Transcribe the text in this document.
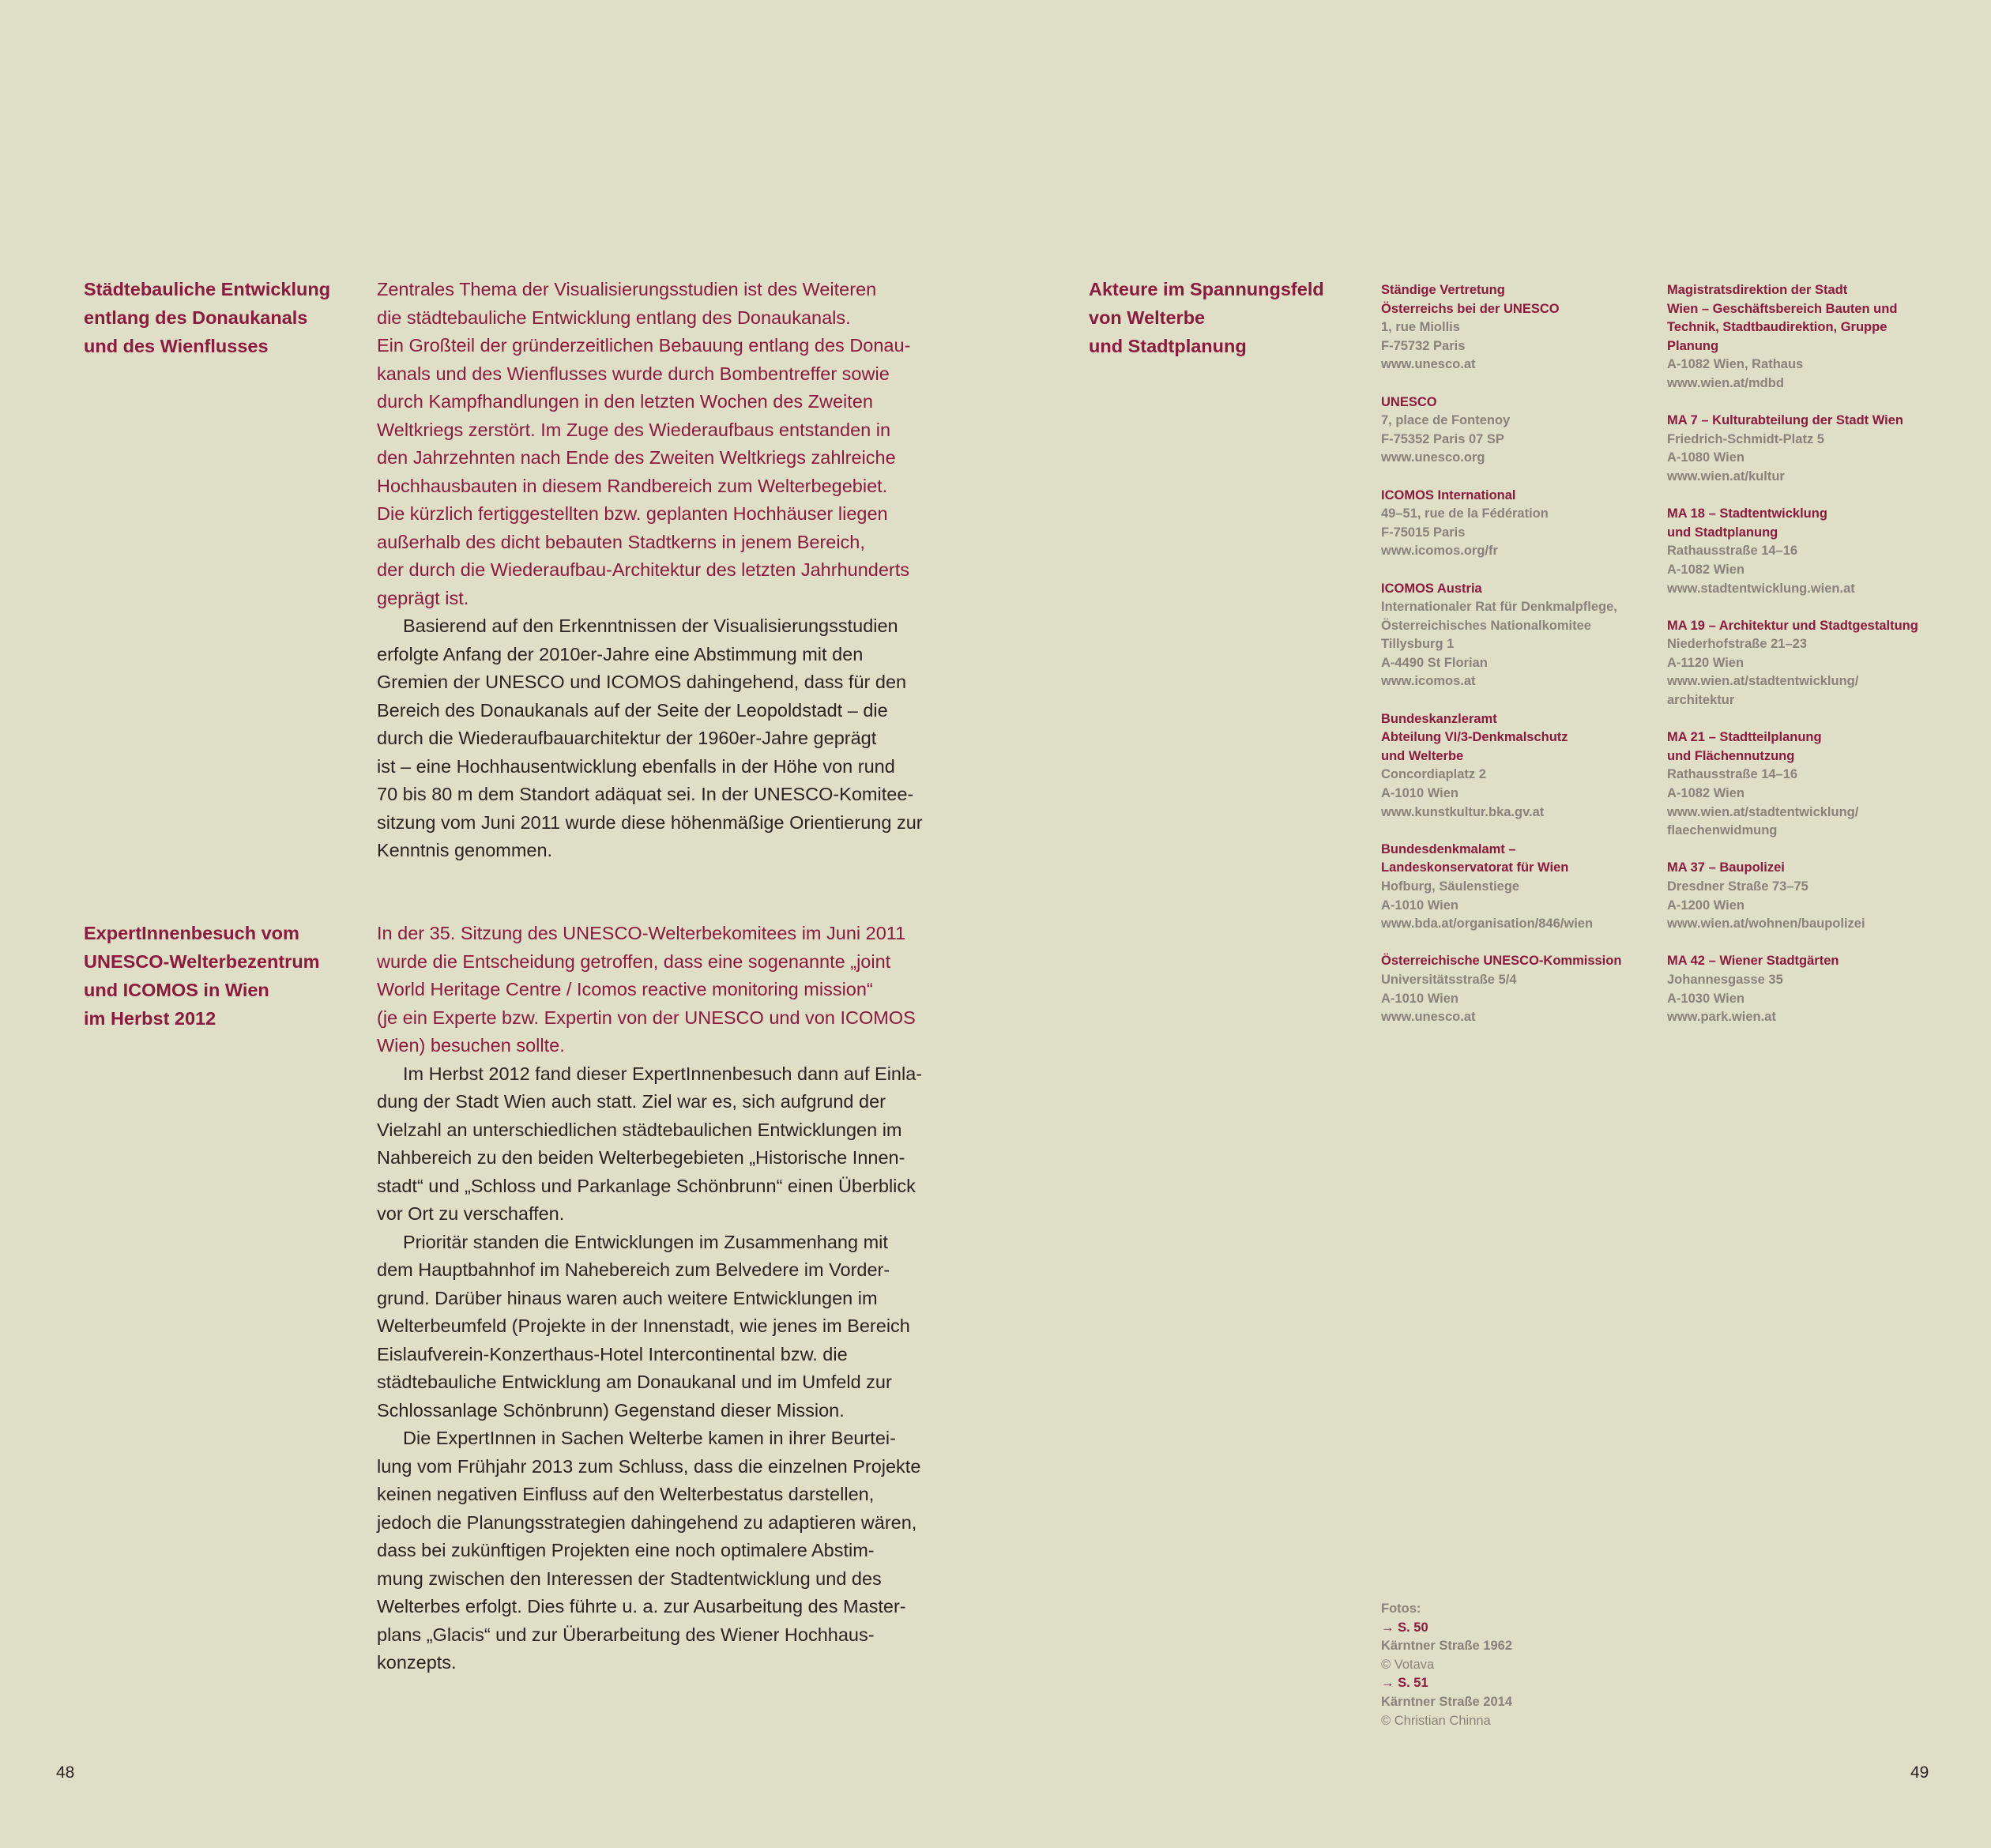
Städtebauliche Entwicklung
entlang des Donaukanals
und des Wienflusses
Zentrales Thema der Visualisierungsstudien ist des Weiteren
die städtebauliche Entwicklung entlang des Donaukanals.
Ein Großteil der gründerzeitlichen Bebauung entlang des Donau-
kanals und des Wienflusses wurde durch Bombentreffer sowie
durch Kampfhandlungen in den letzten Wochen des Zweiten
Weltkriegs zerstört. Im Zuge des Wiederaufbaus entstanden in
den Jahrzehnten nach Ende des Zweiten Weltkriegs zahlreiche
Hochhausbauten in diesem Randbereich zum Welterbegebiet.
Die kürzlich fertiggestellten bzw. geplanten Hochhäuser liegen
außerhalb des dicht bebauten Stadtkerns in jenem Bereich,
der durch die Wiederaufbau-Architektur des letzten Jahrhunderts
geprägt ist.
Basierend auf den Erkenntnissen der Visualisierungsstudien
erfolgte Anfang der 2010er-Jahre eine Abstimmung mit den
Gremien der UNESCO und ICOMOS dahingehend, dass für den
Bereich des Donaukanals auf der Seite der Leopoldstadt – die
durch die Wiederaufbauarchitektur der 1960er-Jahre geprägt
ist – eine Hochhausentwicklung ebenfalls in der Höhe von rund
70 bis 80 m dem Standort adäquat sei. In der UNESCO-Komitee-
sitzung vom Juni 2011 wurde diese höhenmäßige Orientierung zur
Kenntnis genommen.
ExpertInnenbesuch vom
UNESCO-Welterbezentrum
und ICOMOS in Wien
im Herbst 2012
In der 35. Sitzung des UNESCO-Welterbekomitees im Juni 2011
wurde die Entscheidung getroffen, dass eine sogenannte „joint
World Heritage Centre / Icomos reactive monitoring mission“
(je ein Experte bzw. Expertin von der UNESCO und von ICOMOS
Wien) besuchen sollte.
Im Herbst 2012 fand dieser ExpertInnenbesuch dann auf Einla-
dung der Stadt Wien auch statt. Ziel war es, sich aufgrund der
Vielzahl an unterschiedlichen städtebaulichen Entwicklungen im
Nahbereich zu den beiden Welterbegebieten „Historische Innen-
stadt“ und „Schloss und Parkanlage Schönbrunn“ einen Überblick
vor Ort zu verschaffen.
Prioritär standen die Entwicklungen im Zusammenhang mit
dem Hauptbahnhof im Nahebereich zum Belvedere im Vorder-
grund. Darüber hinaus waren auch weitere Entwicklungen im
Welterbeumfeld (Projekte in der Innenstadt, wie jenes im Bereich
Eislaufverein-Konzerthaus-Hotel Intercontinental bzw. die
städtebauliche Entwicklung am Donaukanal und im Umfeld zur
Schlossanlage Schönbrunn) Gegenstand dieser Mission.
Die ExpertInnen in Sachen Welterbe kamen in ihrer Beurtei-
lung vom Frühjahr 2013 zum Schluss, dass die einzelnen Projekte
keinen negativen Einfluss auf den Welterbestatus darstellen,
jedoch die Planungsstrategien dahingehend zu adaptieren wären,
dass bei zukünftigen Projekten eine noch optimalere Abstim-
mung zwischen den Interessen der Stadtentwicklung und des
Welterbes erfolgt. Dies führte u. a. zur Ausarbeitung des Master-
plans „Glacis“ und zur Überarbeitung des Wiener Hochhaus-
konzepts.
48
Akteure im Spannungsfeld
von Welterbe
und Stadtplanung
Ständige Vertretung
Österreichs bei der UNESCO
1, rue Miollis
F-75732 Paris
www.unesco.at
UNESCO
7, place de Fontenoy
F-75352 Paris 07 SP
www.unesco.org
ICOMOS International
49–51, rue de la Fédération
F-75015 Paris
www.icomos.org/fr
ICOMOS Austria
Internationaler Rat für Denkmalpflege,
Österreichisches Nationalkomitee
Tillysburg 1
A-4490 St Florian
www.icomos.at
Bundeskanzleramt
Abteilung VI/3-Denkmalschutz
und Welterbe
Concordiaplatz 2
A-1010 Wien
www.kunstkultur.bka.gv.at
Bundesdenkmalamt –
Landeskonservatorat für Wien
Hofburg, Säulenstiege
A-1010 Wien
www.bda.at/organisation/846/wien
Österreichische UNESCO-Kommission
Universitätsstraße 5/4
A-1010 Wien
www.unesco.at
Magistratsdirektion der Stadt
Wien – Geschäftsbereich Bauten und
Technik, Stadtbaudirektion, Gruppe
Planung
A-1082 Wien, Rathaus
www.wien.at/mdbd
MA 7 – Kulturabteilung der Stadt Wien
Friedrich-Schmidt-Platz 5
A-1080 Wien
www.wien.at/kultur
MA 18 – Stadtentwicklung
und Stadtplanung
Rathausstraße 14–16
A-1082 Wien
www.stadtentwicklung.wien.at
MA 19 – Architektur und Stadtgestaltung
Niederhofstraße 21–23
A-1120 Wien
www.wien.at/stadtentwicklung/
architektur
MA 21 – Stadtteilplanung
und Flächennutzung
Rathausstraße 14–16
A-1082 Wien
www.wien.at/stadtentwicklung/
flaechenwidmung
MA 37 – Baupolizei
Dresdner Straße 73–75
A-1200 Wien
www.wien.at/wohnen/baupolizei
MA 42 – Wiener Stadtgärten
Johannesgasse 35
A-1030 Wien
www.park.wien.at
Fotos:
→ S. 50
Kärntner Straße 1962
© Votava
→ S. 51
Kärntner Straße 2014
© Christian Chinna
49
